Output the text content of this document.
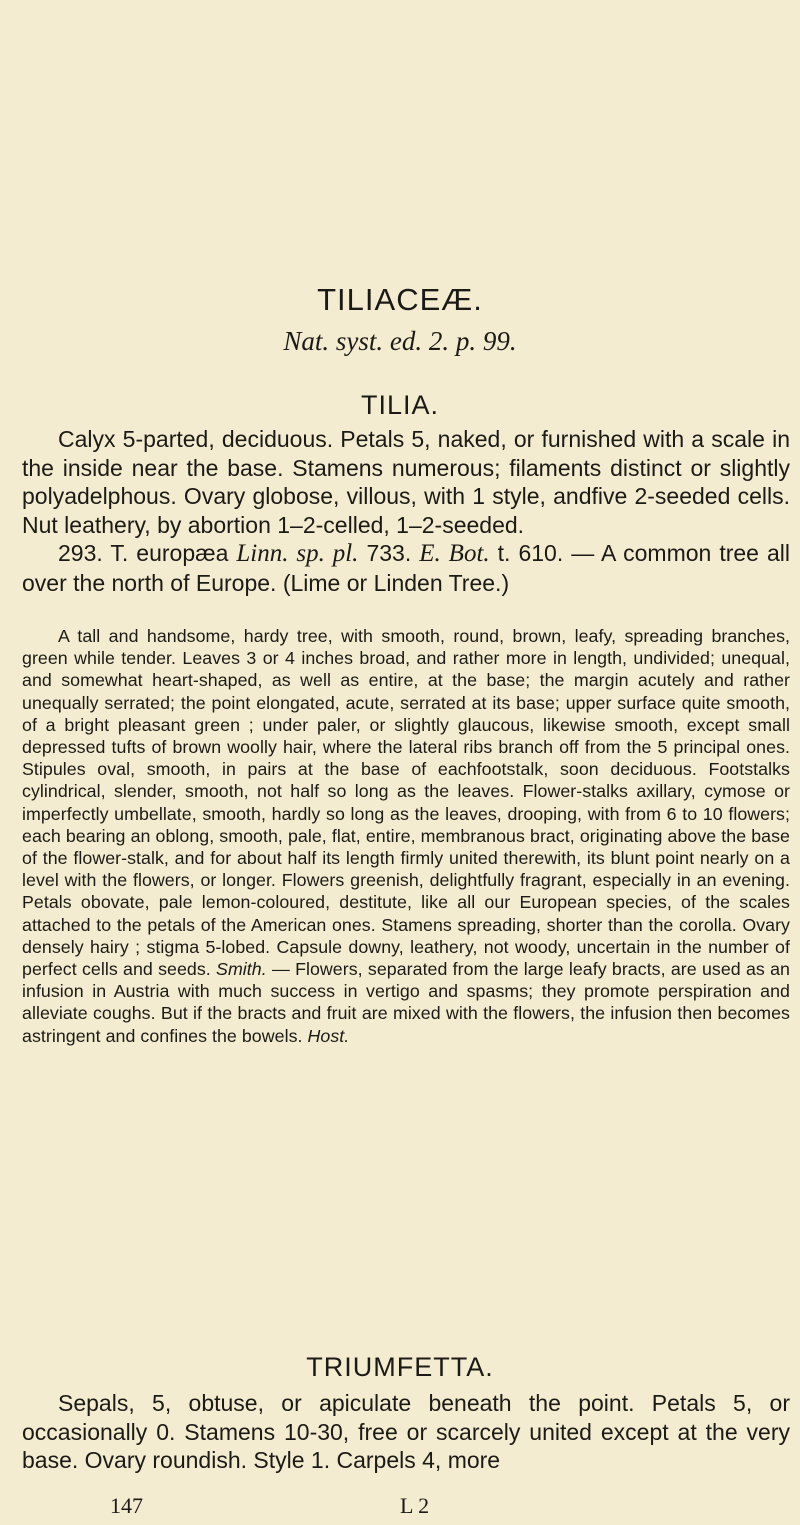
TILIACEÆ.
Nat. syst. ed. 2. p. 99.
TILIA.

Calyx 5-parted, deciduous. Petals 5, naked, or furnished with a scale in the inside near the base. Stamens numerous; filaments distinct or slightly polyadelphous. Ovary globose, villous, with 1 style, andfive 2-seeded cells. Nut leathery, by abortion 1–2-celled, 1–2-seeded.

293. T. europæa Linn. sp. pl. 733. E. Bot. t. 610. — A common tree all over the north of Europe. (Lime or Linden Tree.)

A tall and handsome, hardy tree, with smooth, round, brown, leafy, spreading branches, green while tender. Leaves 3 or 4 inches broad, and rather more in length, undivided; unequal, and somewhat heart-shaped, as well as entire, at the base; the margin acutely and rather unequally serrated; the point elongated, acute, serrated at its base; upper surface quite smooth, of a bright pleasant green ; under paler, or slightly glaucous, likewise smooth, except small depressed tufts of brown woolly hair, where the lateral ribs branch off from the 5 principal ones. Stipules oval, smooth, in pairs at the base of eachfootstalk, soon deciduous. Footstalks cylindrical, slender, smooth, not half so long as the leaves. Flower-stalks axillary, cymose or imperfectly umbellate, smooth, hardly so long as the leaves, drooping, with from 6 to 10 flowers; each bearing an oblong, smooth, pale, flat, entire, membranous bract, originating above the base of the flower-stalk, and for about half its length firmly united therewith, its blunt point nearly on a level with the flowers, or longer. Flowers greenish, delightfully fragrant, especially in an evening. Petals obovate, pale lemon-coloured, destitute, like all our European species, of the scales attached to the petals of the American ones. Stamens spreading, shorter than the corolla. Ovary densely hairy ; stigma 5-lobed. Capsule downy, leathery, not woody, uncertain in the number of perfect cells and seeds. Smith. — Flowers, separated from the large leafy bracts, are used as an infusion in Austria with much success in vertigo and spasms; they promote perspiration and alleviate coughs. But if the bracts and fruit are mixed with the flowers, the infusion then becomes astringent and confines the bowels. Host.

TRIUMFETTA.

Sepals, 5, obtuse, or apiculate beneath the point. Petals 5, or occasionally 0. Stamens 10-30, free or scarcely united except at the very base. Ovary roundish. Style 1. Carpels 4, more

147	L 2
